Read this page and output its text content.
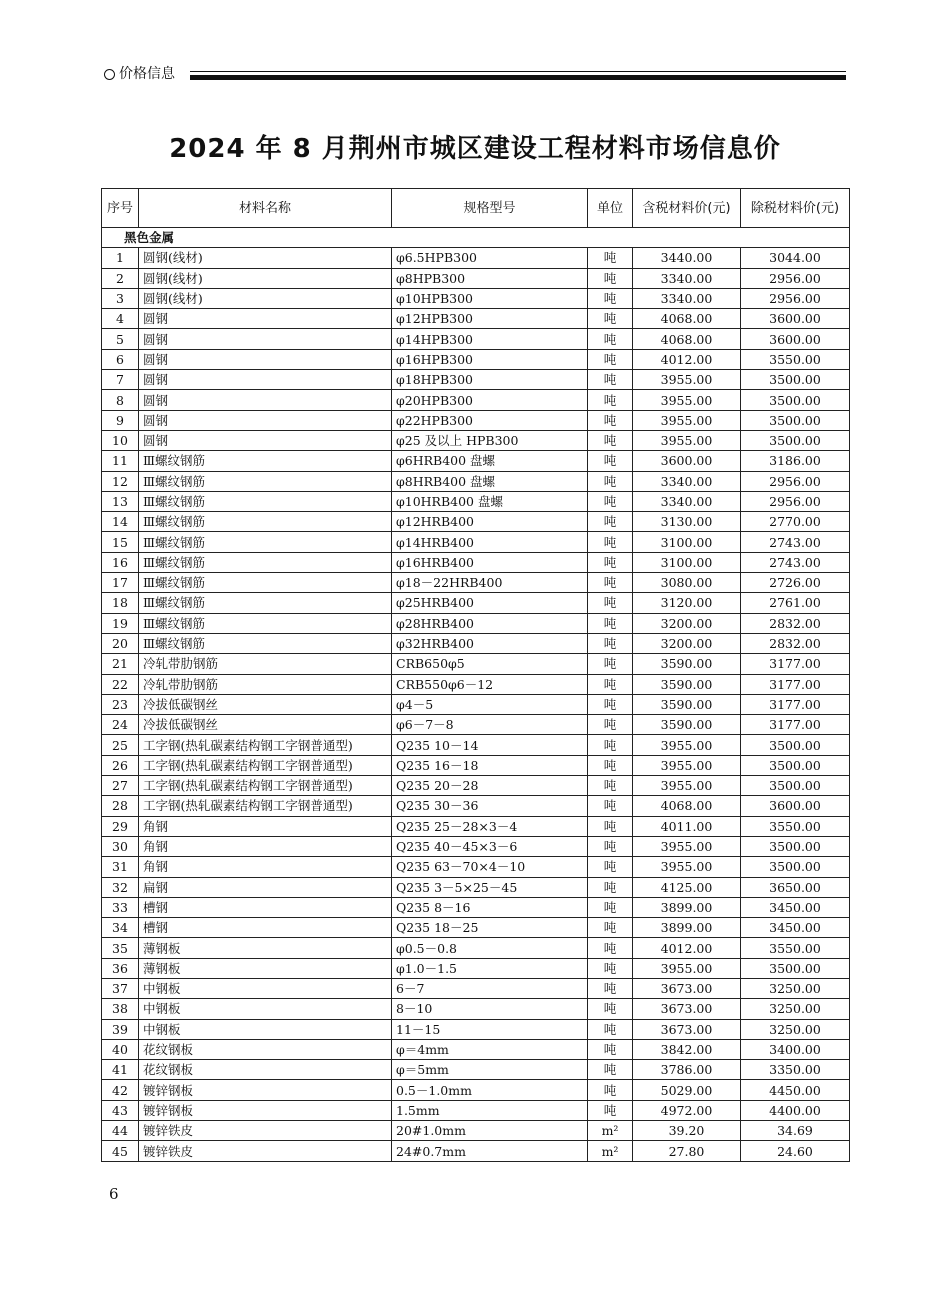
价格信息
2024 年 8 月荆州市城区建设工程材料市场信息价
序号	材料名称	规格型号	单位	含税材料价(元)	除税材料价(元)
黑色金属					
1	圆钢(线材)	φ6.5HPB300	吨	3440.00	3044.00
2	圆钢(线材)	φ8HPB300	吨	3340.00	2956.00
3	圆钢(线材)	φ10HPB300	吨	3340.00	2956.00
4	圆钢	φ12HPB300	吨	4068.00	3600.00
5	圆钢	φ14HPB300	吨	4068.00	3600.00
6	圆钢	φ16HPB300	吨	4012.00	3550.00
7	圆钢	φ18HPB300	吨	3955.00	3500.00
8	圆钢	φ20HPB300	吨	3955.00	3500.00
9	圆钢	φ22HPB300	吨	3955.00	3500.00
10	圆钢	φ25 及以上 HPB300	吨	3955.00	3500.00
11	Ⅲ螺纹钢筋	φ6HRB400 盘螺	吨	3600.00	3186.00
12	Ⅲ螺纹钢筋	φ8HRB400 盘螺	吨	3340.00	2956.00
13	Ⅲ螺纹钢筋	φ10HRB400 盘螺	吨	3340.00	2956.00
14	Ⅲ螺纹钢筋	φ12HRB400	吨	3130.00	2770.00
15	Ⅲ螺纹钢筋	φ14HRB400	吨	3100.00	2743.00
16	Ⅲ螺纹钢筋	φ16HRB400	吨	3100.00	2743.00
17	Ⅲ螺纹钢筋	φ18－22HRB400	吨	3080.00	2726.00
18	Ⅲ螺纹钢筋	φ25HRB400	吨	3120.00	2761.00
19	Ⅲ螺纹钢筋	φ28HRB400	吨	3200.00	2832.00
20	Ⅲ螺纹钢筋	φ32HRB400	吨	3200.00	2832.00
21	冷轧带肋钢筋	CRB650φ5	吨	3590.00	3177.00
22	冷轧带肋钢筋	CRB550φ6－12	吨	3590.00	3177.00
23	冷拔低碳钢丝	φ4－5	吨	3590.00	3177.00
24	冷拔低碳钢丝	φ6－7－8	吨	3590.00	3177.00
25	工字钢(热轧碳素结构钢工字钢普通型)	Q235 10－14	吨	3955.00	3500.00
26	工字钢(热轧碳素结构钢工字钢普通型)	Q235 16－18	吨	3955.00	3500.00
27	工字钢(热轧碳素结构钢工字钢普通型)	Q235 20－28	吨	3955.00	3500.00
28	工字钢(热轧碳素结构钢工字钢普通型)	Q235 30－36	吨	4068.00	3600.00
29	角钢	Q235 25－28×3－4	吨	4011.00	3550.00
30	角钢	Q235 40－45×3－6	吨	3955.00	3500.00
31	角钢	Q235 63－70×4－10	吨	3955.00	3500.00
32	扁钢	Q235 3－5×25－45	吨	4125.00	3650.00
33	槽钢	Q235 8－16	吨	3899.00	3450.00
34	槽钢	Q235 18－25	吨	3899.00	3450.00
35	薄钢板	φ0.5－0.8	吨	4012.00	3550.00
36	薄钢板	φ1.0－1.5	吨	3955.00	3500.00
37	中钢板	6－7	吨	3673.00	3250.00
38	中钢板	8－10	吨	3673.00	3250.00
39	中钢板	11－15	吨	3673.00	3250.00
40	花纹钢板	φ＝4mm	吨	3842.00	3400.00
41	花纹钢板	φ＝5mm	吨	3786.00	3350.00
42	镀锌钢板	0.5－1.0mm	吨	5029.00	4450.00
43	镀锌钢板	1.5mm	吨	4972.00	4400.00
44	镀锌铁皮	20#1.0mm	m²	39.20	34.69
45	镀锌铁皮	24#0.7mm	m²	27.80	24.60
6
